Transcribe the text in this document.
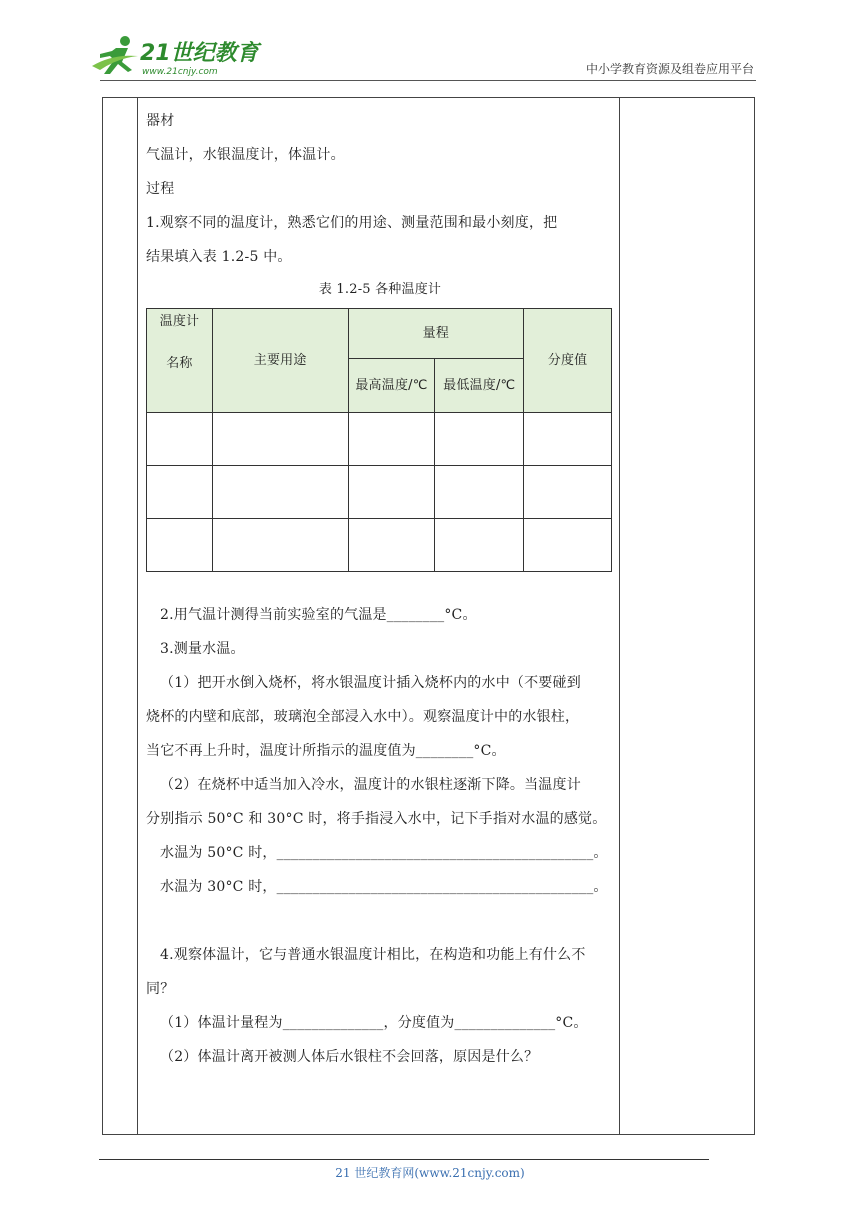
21世纪教育
www.21cnjy.com	中小学教育资源及组卷应用平台

器材

气温计，水银温度计，体温计。

过程

1.观察不同的温度计，熟悉它们的用途、测量范围和最小刻度，把

结果填入表 1.2-5 中。

表 1.2-5 各种温度计
温度计
名称	主要用途	量程		分度值
		最高温度/℃	最低温度/℃	

2.用气温计测得当前实验室的气温是________°C。

3.测量水温。

（1）把开水倒入烧杯，将水银温度计插入烧杯内的水中（不要碰到

烧杯的内壁和底部，玻璃泡全部浸入水中）。观察温度计中的水银柱，

当它不再上升时，温度计所指示的温度值为________°C。

（2）在烧杯中适当加入冷水，温度计的水银柱逐渐下降。当温度计

分别指示 50°C 和 30°C 时，将手指浸入水中，记下手指对水温的感觉。

水温为 50°C 时，____________________________________________。

水温为 30°C 时，____________________________________________。

4.观察体温计，它与普通水银温度计相比，在构造和功能上有什么不

同？

（1）体温计量程为______________，分度值为______________°C。

（2）体温计离开被测人体后水银柱不会回落，原因是什么？

21 世纪教育网(www.21cnjy.com)
